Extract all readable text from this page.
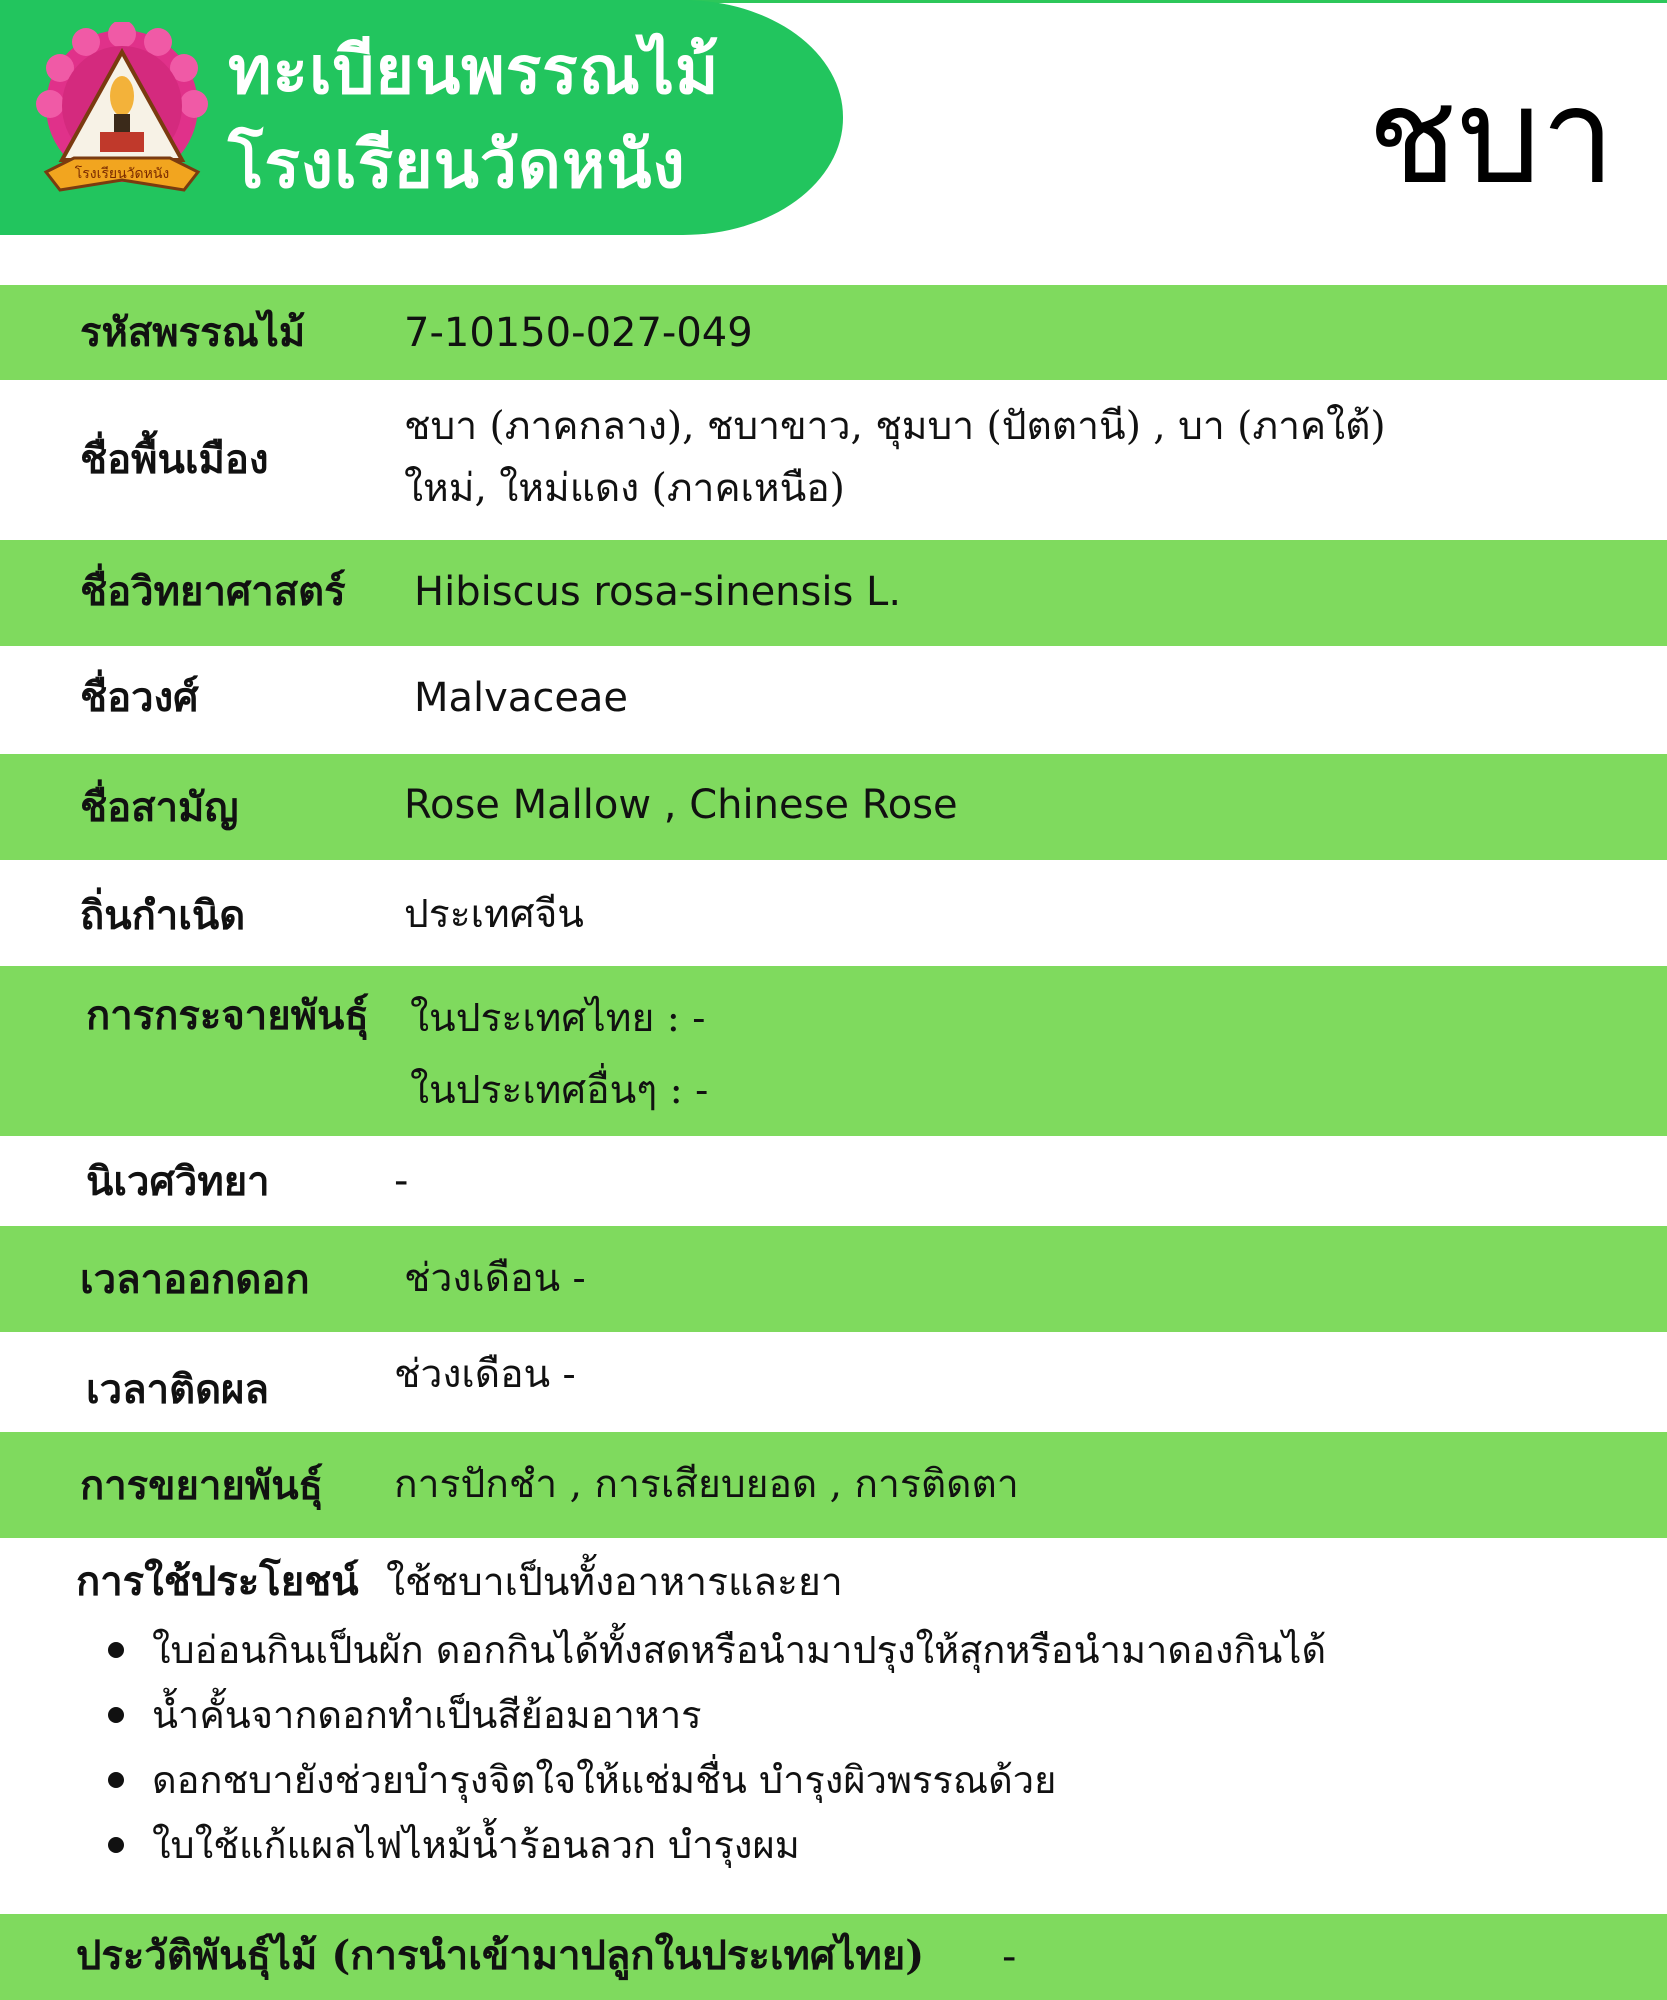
โรงเรียนวัดหนัง
ทะเบียนพรรณไม้
โรงเรียนวัดหนัง	ชบา
รหัสพรรณไม้ 7-10150-027-049
ชื่อพื้นเมือง
ชบา (ภาคกลาง), ชบาขาว, ชุมบา (ปัตตานี) , บา (ภาคใต้)
ใหม่, ใหม่แดง (ภาคเหนือ)
ชื่อวิทยาศาสตร์ Hibiscus rosa-sinensis L.
ชื่อวงศ์	Malvaceae
ชื่อสามัญ	Rose Mallow , Chinese Rose
ถิ่นกำเนิด	ประเทศจีน
การกระจายพันธุ์ ในประเทศไทย : -
ในประเทศอื่นๆ : -
นิเวศวิทยา	-
เวลาออกดอก ช่วงเดือน -
เวลาติดผล	ช่วงเดือน -
การขยายพันธุ์ การปักชำ , การเสียบยอด , การติดตา
การใช้ประโยชน์ ใช้ชบาเป็นทั้งอาหารและยา
ใบอ่อนกินเป็นผัก ดอกกินได้ทั้งสดหรือนำมาปรุงให้สุกหรือนำมาดองกินได้
น้ำคั้นจากดอกทำเป็นสีย้อมอาหาร
ดอกชบายังช่วยบำรุงจิตใจให้แช่มชื่น บำรุงผิวพรรณด้วย
ใบใช้แก้แผลไฟไหม้น้ำร้อนลวก บำรุงผม
ประวัติพันธุ์ไม้ (การนำเข้ามาปลูกในประเทศไทย) -
